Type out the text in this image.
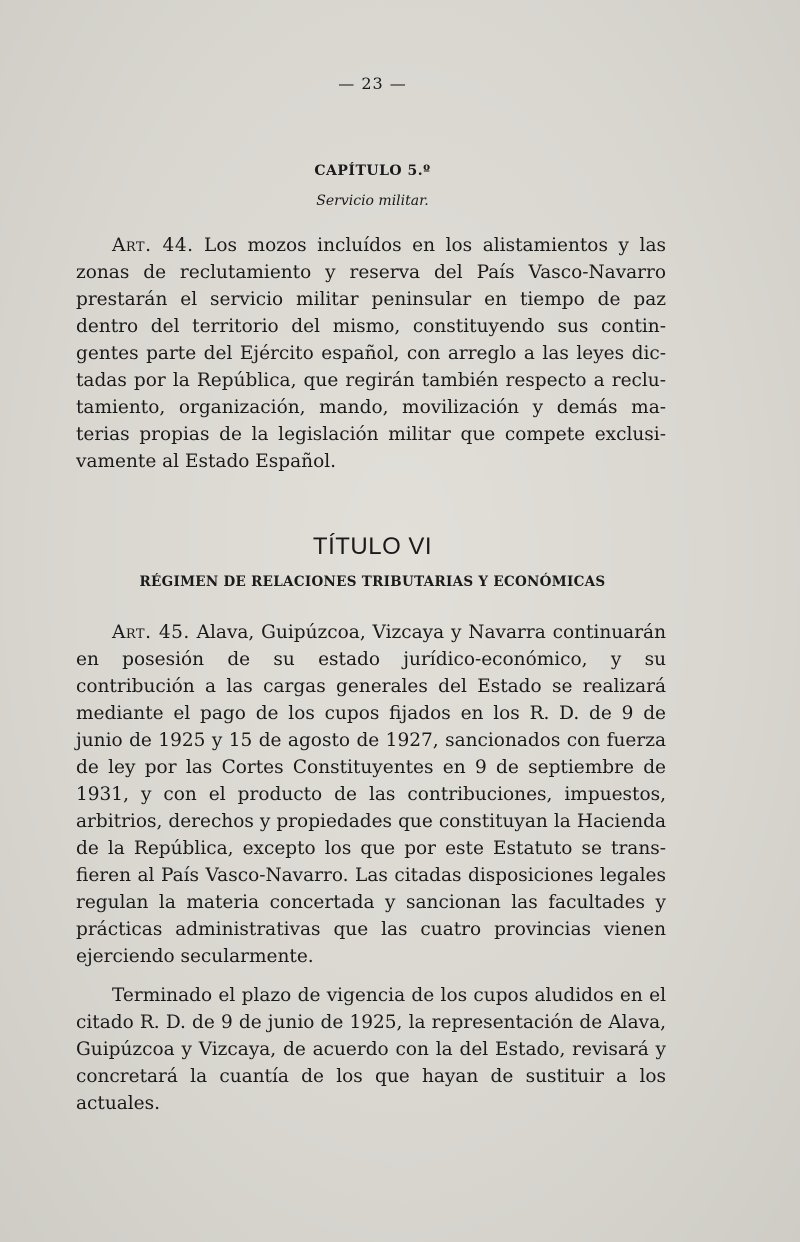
— 23 —
CAPÍTULO 5.º
Servicio militar.

Art. 44. Los mozos incluídos en los alistamientos y las zonas de reclutamiento y reserva del País Vasco-Navarro prestarán el servicio militar peninsular en tiempo de paz dentro del territorio del mismo, constituyendo sus contingentes parte del Ejército español, con arreglo a las leyes dictadas por la República, que regirán también respecto a reclutamiento, organización, mando, movilización y demás materias propias de la legislación militar que compete exclusivamente al Estado Español.

TÍTULO VI
RÉGIMEN DE RELACIONES TRIBUTARIAS Y ECONÓMICAS

Art. 45. Alava, Guipúzcoa, Vizcaya y Navarra continuarán en posesión de su estado jurídico-económico, y su contribución a las cargas generales del Estado se realizará mediante el pago de los cupos fijados en los R. D. de 9 de junio de 1925 y 15 de agosto de 1927, sancionados con fuerza de ley por las Cortes Constituyentes en 9 de septiembre de 1931, y con el producto de las contribuciones, impuestos, arbitrios, derechos y propiedades que constituyan la Hacienda de la República, excepto los que por este Estatuto se transfieren al País Vasco-Navarro. Las citadas disposiciones legales regulan la materia concertada y sancionan las facultades y prácticas administrativas que las cuatro provincias vienen ejerciendo secularmente.

Terminado el plazo de vigencia de los cupos aludidos en el citado R. D. de 9 de junio de 1925, la representación de Alava, Guipúzcoa y Vizcaya, de acuerdo con la del Estado, revisará y concretará la cuantía de los que hayan de sustituir a los actuales.
